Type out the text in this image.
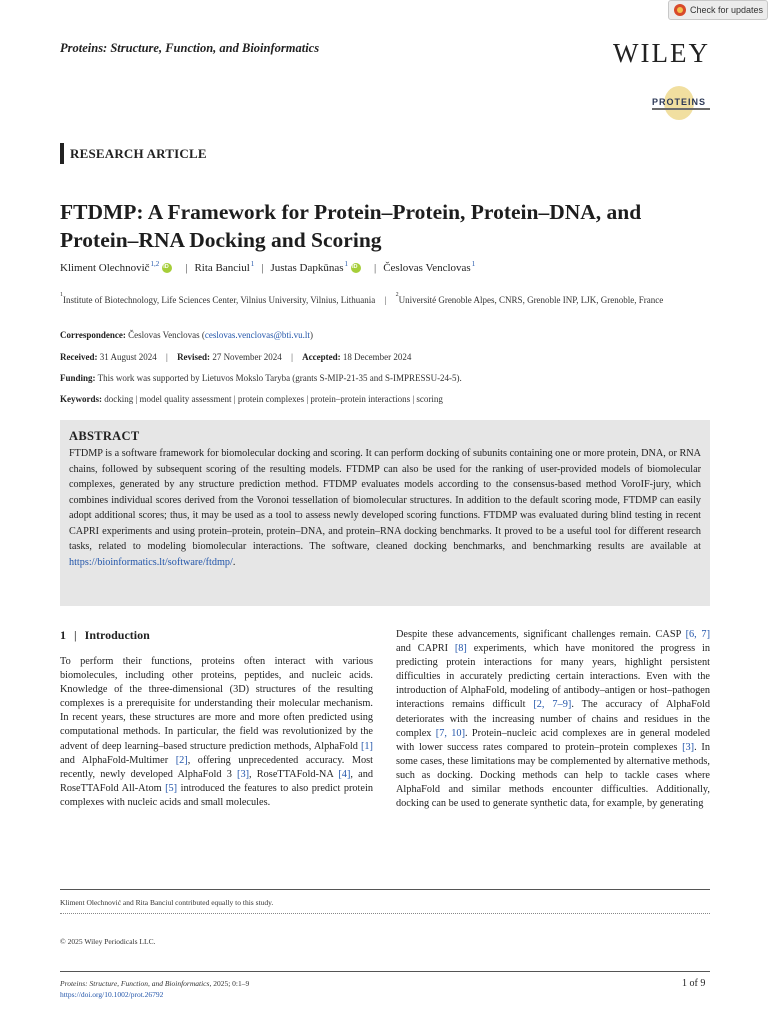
Check for updates
Proteins: Structure, Function, and Bioinformatics	WILEY
PROTEINS
RESEARCH ARTICLE
FTDMP: A Framework for Protein–Protein, Protein–DNA, and Protein–RNA Docking and Scoring
Kliment Olechnovič$^{1,2}$ iD | Rita Banciul$^1$ | Justas Dapkūnas$^1$ iD | Česlovas Venclovas$^1$
$^1$Institute of Biotechnology, Life Sciences Center, Vilnius University, Vilnius, Lithuania | $^2$Université Grenoble Alpes, CNRS, Grenoble INP, LJK, Grenoble, France
Correspondence: Česlovas Venclovas (ceslovas.venclovas@bti.vu.lt)
Received: 31 August 2024 | Revised: 27 November 2024 | Accepted: 18 December 2024
Funding: This work was supported by Lietuvos Mokslo Taryba (grants S-MIP-21-35 and S-IMPRESSU-24-5).
Keywords: docking | model quality assessment | protein complexes | protein–protein interactions | scoring
ABSTRACT
FTDMP is a software framework for biomolecular docking and scoring. It can perform docking of subunits containing one or more protein, DNA, or RNA chains, followed by subsequent scoring of the resulting models. FTDMP can also be used for the ranking of user-provided models of biomolecular complexes, generated by any structure prediction method. FTDMP evaluates models according to the consensus-based method VoroIF-jury, which combines individual scores derived from the Voronoi tessellation of biomolecular structures. In addition to the default scoring mode, FTDMP can easily adopt additional scores; thus, it may be used as a tool to assess newly developed scoring functions. FTDMP was evaluated during blind testing in recent CAPRI experiments and using protein–protein, protein–DNA, and protein–RNA docking benchmarks. It proved to be a useful tool for different research tasks, related to modeling biomolecular interactions. The software, cleaned docking benchmarks, and benchmarking results are available at https://bioinformatics.lt/software/ftdmp/.
1 | Introduction
To perform their functions, proteins often interact with various biomolecules, including other proteins, peptides, and nucleic acids. Knowledge of the three-dimensional (3D) structures of the resulting complexes is a prerequisite for understanding their molecular mechanism. In recent years, these structures are more and more often predicted using computational methods. In particular, the field was revolutionized by the advent of deep learning–based structure prediction methods, AlphaFold [1] and AlphaFold-Multimer [2], offering unprecedented accuracy. Most recently, newly developed AlphaFold 3 [3], RoseTTAFold-NA [4], and RoseTTAFold All-Atom [5] introduced the features to also predict protein complexes with nucleic acids and small molecules.
Despite these advancements, significant challenges remain. CASP [6, 7] and CAPRI [8] experiments, which have monitored the progress in predicting protein interactions for many years, highlight persistent difficulties in accurately predicting certain interactions. Even with the introduction of AlphaFold, modeling of antibody–antigen or host–pathogen interactions remains difficult [2, 7–9]. The accuracy of AlphaFold deteriorates with the increasing number of chains and residues in the complex [7, 10]. Protein–nucleic acid complexes are in general modeled with lower success rates compared to protein–protein complexes [3]. In some cases, these limitations may be complemented by alternative methods, such as docking. Docking methods can help to tackle cases where AlphaFold and similar methods encounter difficulties. Additionally, docking can be used to generate synthetic data, for example, by generating
Kliment Olechnović and Rita Banciul contributed equally to this study.
© 2025 Wiley Periodicals LLC.
Proteins: Structure, Function, and Bioinformatics, 2025; 0:1–9
https://doi.org/10.1002/prot.26792
1 of 9
